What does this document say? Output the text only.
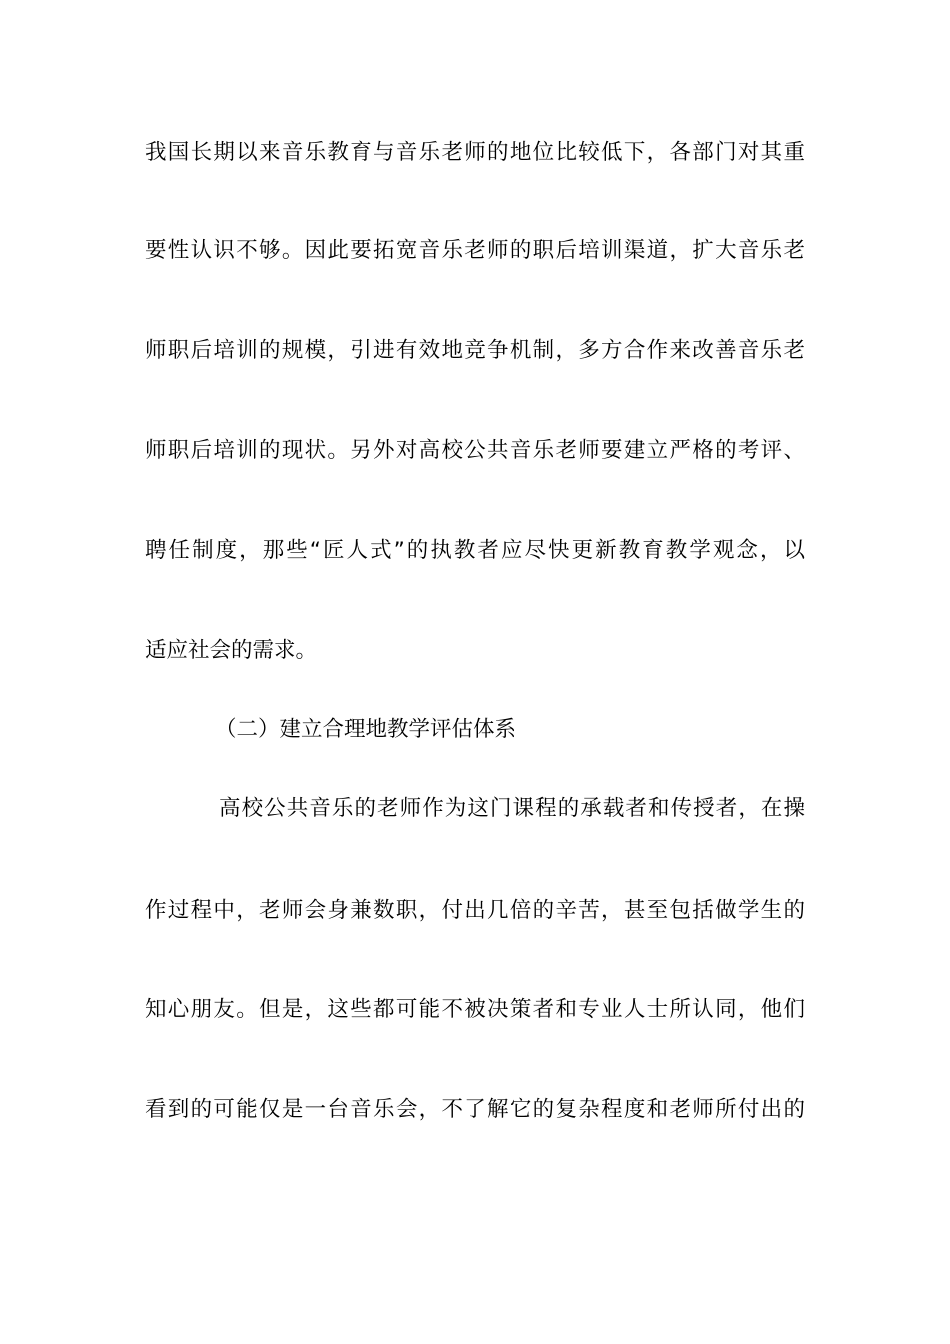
我国长期以来音乐教育与音乐老师的地位比较低下，各部门对其重
要性认识不够。因此要拓宽音乐老师的职后培训渠道，扩大音乐老
师职后培训的规模，引进有效地竞争机制，多方合作来改善音乐老
师职后培训的现状。另外对高校公共音乐老师要建立严格的考评、
聘任制度，那些“匠人式”的执教者应尽快更新教育教学观念，以
适应社会的需求。
（二）建立合理地教学评估体系
高校公共音乐的老师作为这门课程的承载者和传授者，在操
作过程中，老师会身兼数职，付出几倍的辛苦，甚至包括做学生的
知心朋友。但是，这些都可能不被决策者和专业人士所认同，他们
看到的可能仅是一台音乐会，不了解它的复杂程度和老师所付出的
